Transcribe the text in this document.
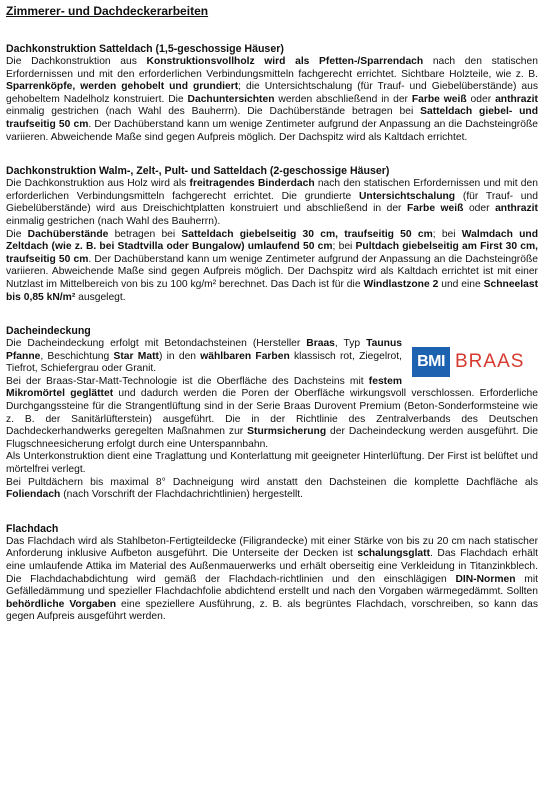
Zimmerer- und Dachdeckerarbeiten
Dachkonstruktion Satteldach (1,5-geschossige Häuser)

Die Dachkonstruktion aus Konstruktionsvollholz wird als Pfetten-/Sparrendach nach den statischen Erfordernissen und mit den erforderlichen Verbindungsmitteln fachgerecht errichtet. Sichtbare Holzteile, wie z. B. Sparrenköpfe, werden gehobelt und grundiert; die Untersichtschalung (für Trauf- und Giebelüberstände) aus gehobeltem Nadelholz konstruiert. Die Dachuntersichten werden abschließend in der Farbe weiß oder anthrazit einmalig gestrichen (nach Wahl des Bauherrn). Die Dachüberstände betragen bei Satteldach giebel- und traufseitig 50 cm. Der Dachüberstand kann um wenige Zentimeter aufgrund der Anpassung an die Dachsteingröße variieren. Abweichende Maße sind gegen Aufpreis möglich. Der Dachspitz wird als Kaltdach errichtet.

Dachkonstruktion Walm-, Zelt-, Pult- und Satteldach (2-geschossige Häuser)

Die Dachkonstruktion aus Holz wird als freitragendes Binderdach nach den statischen Erfordernissen und mit den erforderlichen Verbindungsmitteln fachgerecht errichtet. Die grundierte Untersichtschalung (für Trauf- und Giebelüberstände) wird aus Dreischichtplatten konstruiert und abschließend in der Farbe weiß oder anthrazit einmalig gestrichen (nach Wahl des Bauherrn).

Die Dachüberstände betragen bei Satteldach giebelseitig 30 cm, traufseitig 50 cm; bei Walmdach und Zeltdach (wie z. B. bei Stadtvilla oder Bungalow) umlaufend 50 cm; bei Pultdach giebelseitig am First 30 cm, traufseitig 50 cm. Der Dachüberstand kann um wenige Zentimeter aufgrund der Anpassung an die Dachsteingröße variieren. Abweichende Maße sind gegen Aufpreis möglich. Der Dachspitz wird als Kaltdach errichtet ist mit einer Nutzlast im Mittelbereich von bis zu 100 kg/m² berechnet. Das Dach ist für die Windlastzone 2 und eine Schneelast bis 0,85 kN/m² ausgelegt.

Dacheindeckung
BMI BRAAS

Die Dacheindeckung erfolgt mit Betondachsteinen (Hersteller Braas, Typ Taunus Pfanne, Beschichtung Star Matt) in den wählbaren Farben klassisch rot, Ziegelrot, Tiefrot, Schiefergrau oder Granit.

Bei der Braas-Star-Matt-Technologie ist die Oberfläche des Dachsteins mit festem Mikromörtel geglättet und dadurch werden die Poren der Oberfläche wirkungsvoll verschlossen. Erforderliche Durchgangssteine für die Strangentlüftung sind in der Serie Braas Durovent Premium (Beton-Sonderformsteine wie z. B. der Sanitärlüfterstein) ausgeführt. Die in der Richtlinie des Zentralverbands des Deutschen Dachdeckerhandwerks geregelten Maßnahmen zur Sturmsicherung der Dacheindeckung werden ausgeführt. Die Flugschneesicherung erfolgt durch eine Unterspannbahn.

Als Unterkonstruktion dient eine Traglattung und Konterlattung mit geeigneter Hinterlüftung. Der First ist belüftet und mörtelfrei verlegt.

Bei Pultdächern bis maximal 8° Dachneigung wird anstatt den Dachsteinen die komplette Dachfläche als Foliendach (nach Vorschrift der Flachdachrichtlinien) hergestellt.

Flachdach

Das Flachdach wird als Stahlbeton-Fertigteildecke (Filigrandecke) mit einer Stärke von bis zu 20 cm nach statischer Anforderung inklusive Aufbeton ausgeführt. Die Unterseite der Decken ist schalungsglatt. Das Flachdach erhält eine umlaufende Attika im Material des Außenmauerwerks und erhält oberseitig eine Verkleidung in Titanzinkblech. Die Flachdachabdichtung wird gemäß der Flachdach-richtlinien und den einschlägigen DIN-Normen mit Gefälledämmung und spezieller Flachdachfolie abdichtend erstellt und nach den Vorgaben wärmegedämmt. Sollten behördliche Vorgaben eine speziellere Ausführung, z. B. als begrüntes Flachdach, vorschreiben, so kann das gegen Aufpreis ausgeführt werden.
